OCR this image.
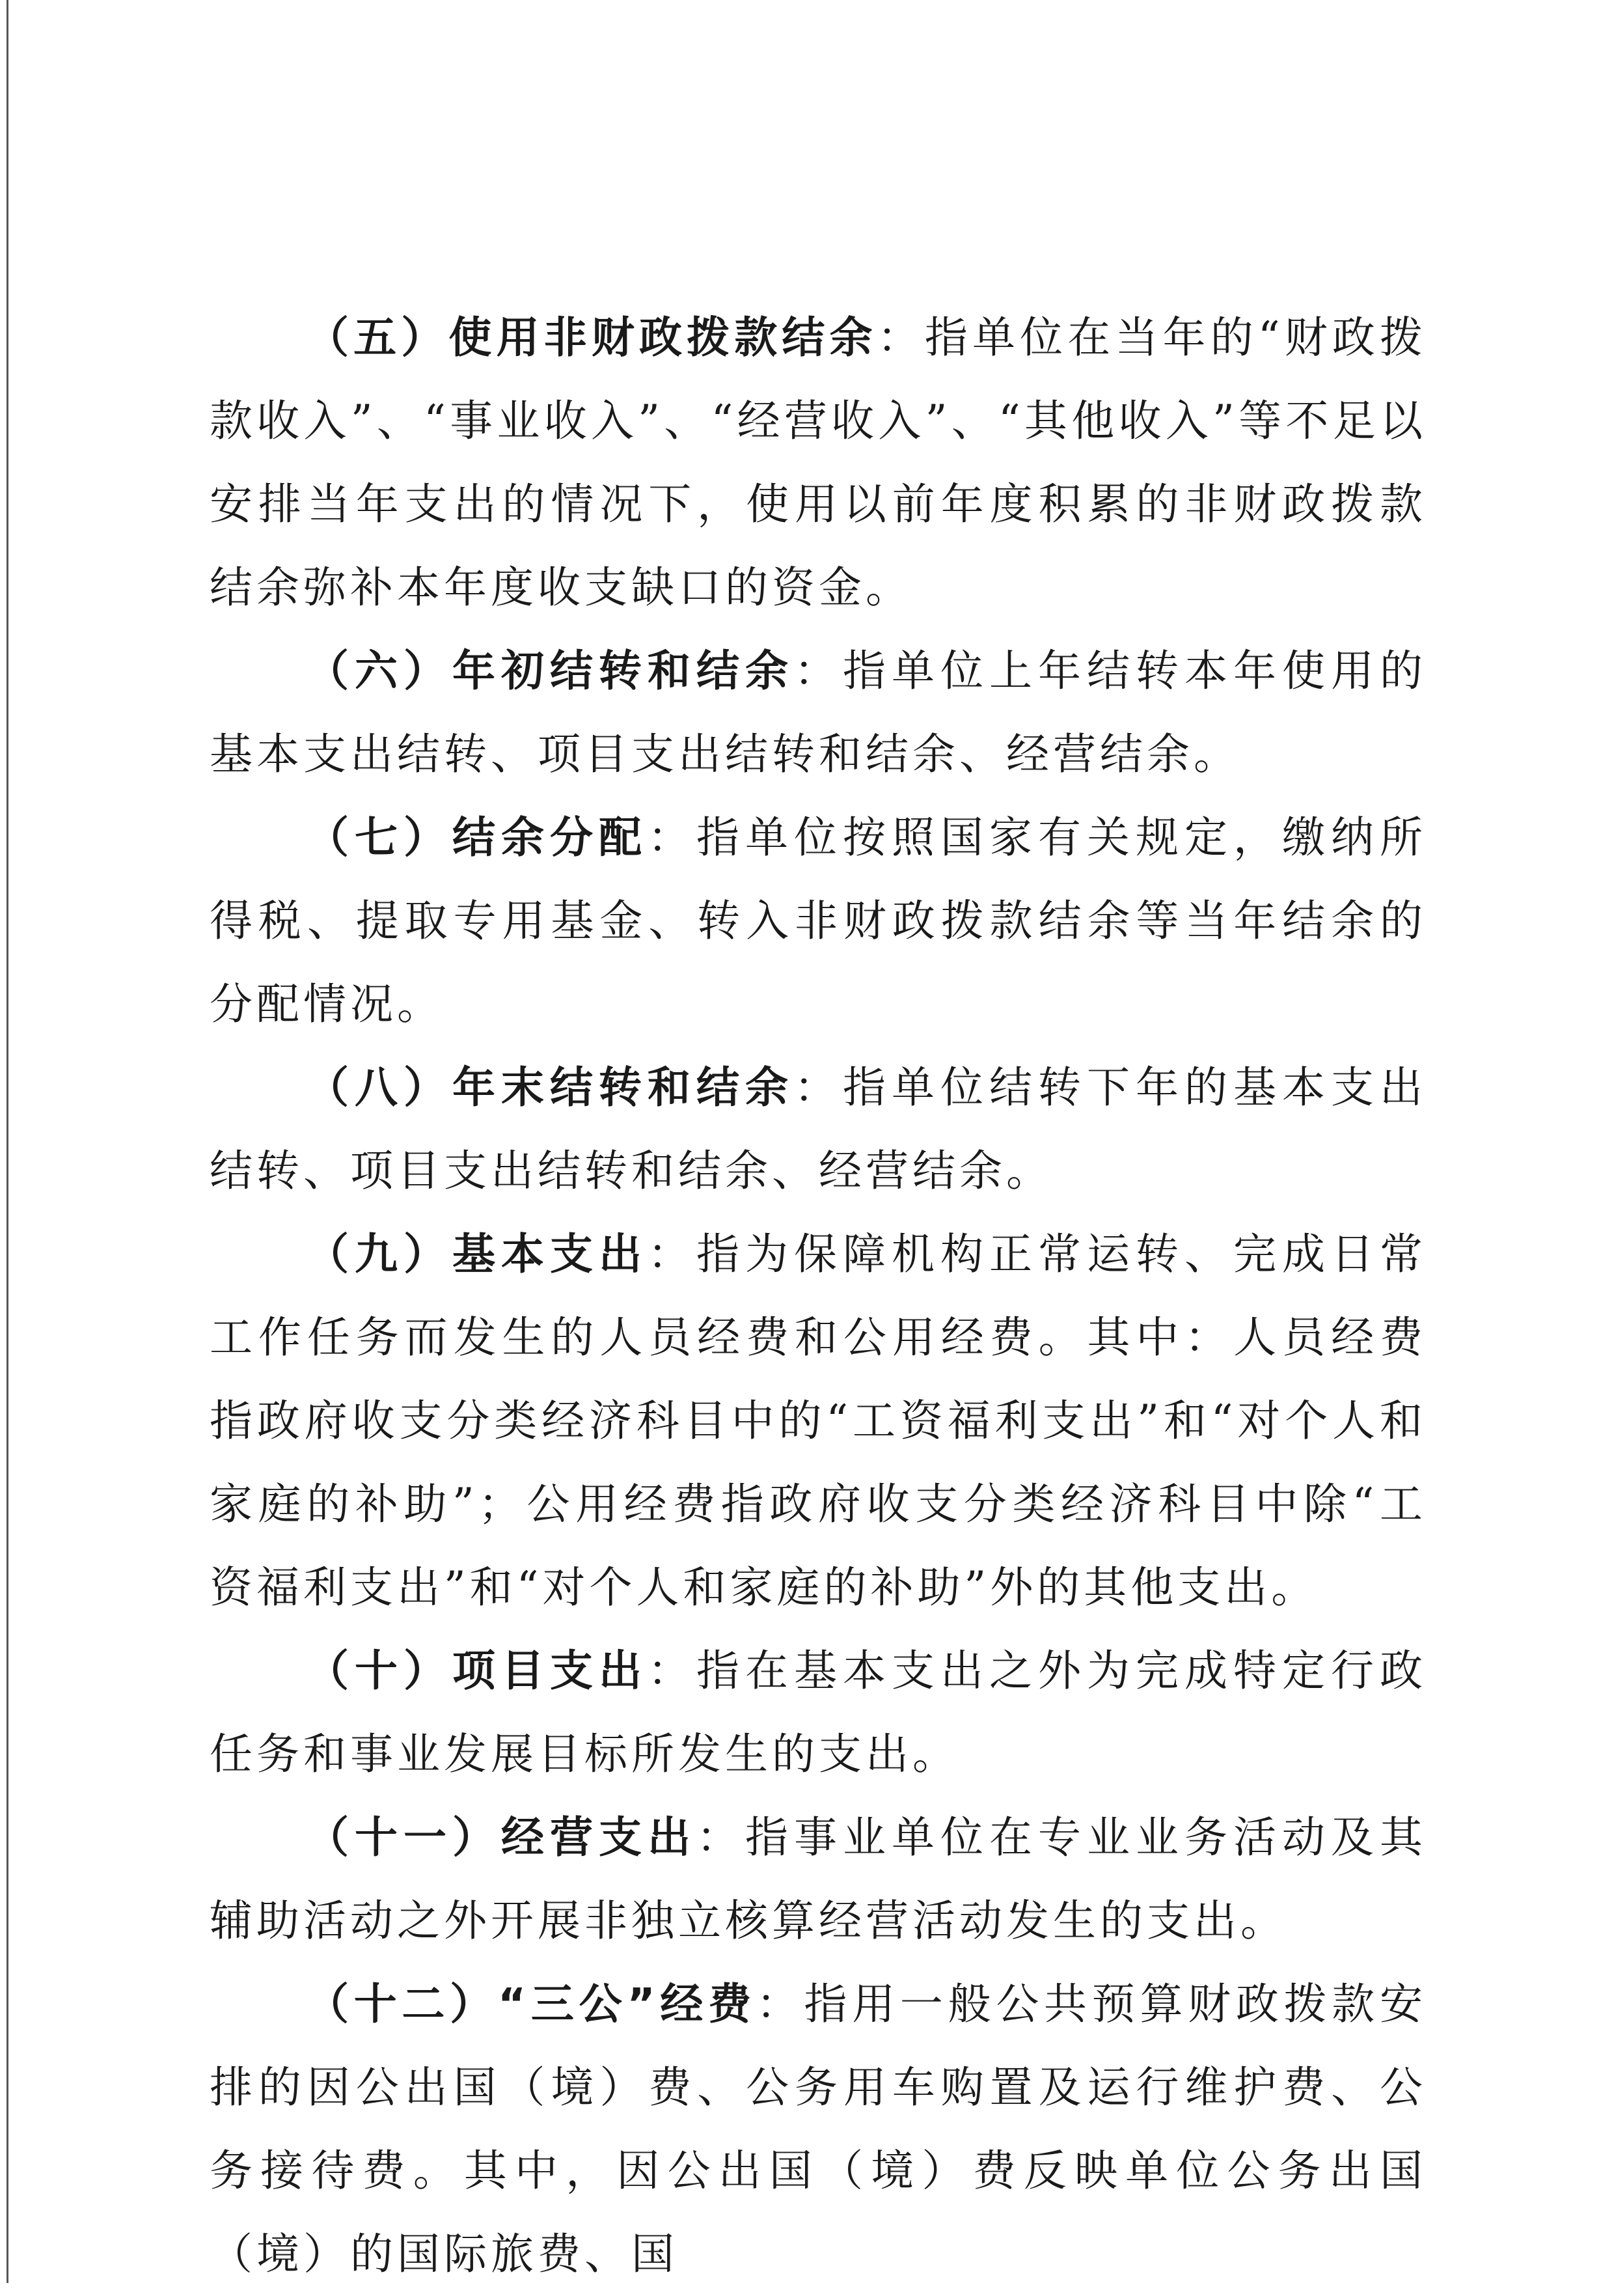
（五）使用非财政拨款结余：指单位在当年的“财政拨款收入”、“事业收入”、“经营收入”、“其他收入”等不足以安排当年支出的情况下，使用以前年度积累的非财政拨款结余弥补本年度收支缺口的资金。

（六）年初结转和结余：指单位上年结转本年使用的基本支出结转、项目支出结转和结余、经营结余。

（七）结余分配：指单位按照国家有关规定，缴纳所得税、提取专用基金、转入非财政拨款结余等当年结余的分配情况。

（八）年末结转和结余：指单位结转下年的基本支出结转、项目支出结转和结余、经营结余。

（九）基本支出：指为保障机构正常运转、完成日常工作任务而发生的人员经费和公用经费。其中：人员经费指政府收支分类经济科目中的“工资福利支出”和“对个人和家庭的补助”；公用经费指政府收支分类经济科目中除“工资福利支出”和“对个人和家庭的补助”外的其他支出。

（十）项目支出：指在基本支出之外为完成特定行政任务和事业发展目标所发生的支出。

（十一）经营支出：指事业单位在专业业务活动及其辅助活动之外开展非独立核算经营活动发生的支出。

（十二）“三公”经费：指用一般公共预算财政拨款安排的因公出国（境）费、公务用车购置及运行维护费、公务接待费。其中，因公出国（境）费反映单位公务出国（境）的国际旅费、国
